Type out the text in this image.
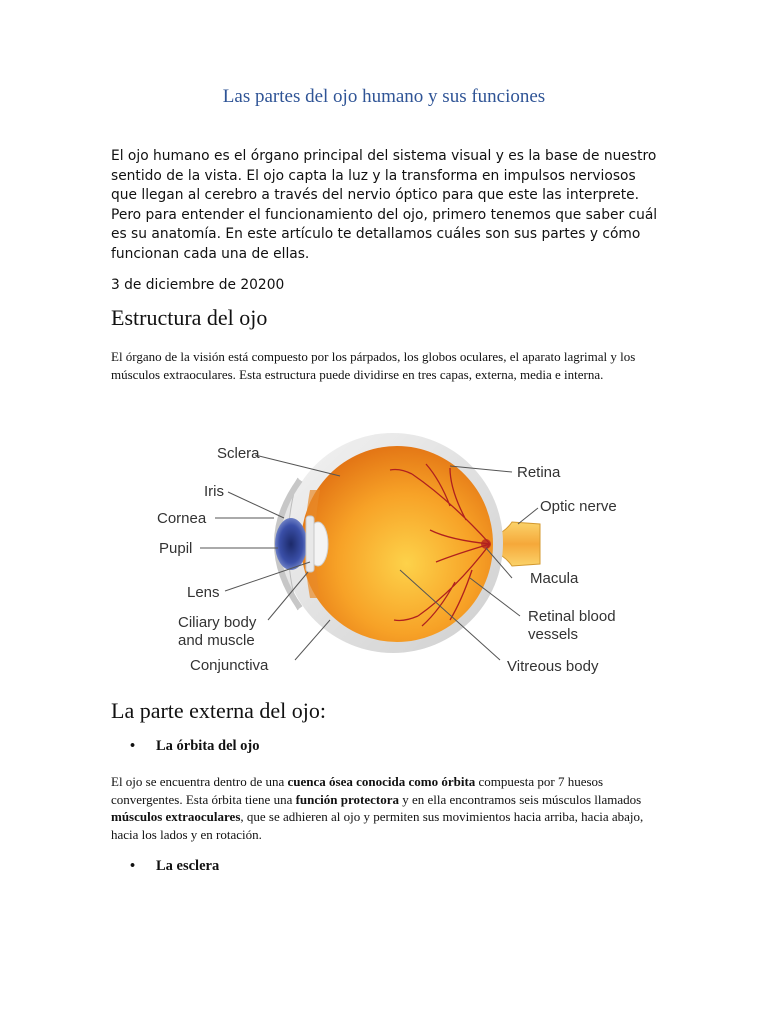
Las partes del ojo humano y sus funciones

El ojo humano es el órgano principal del sistema visual y es la base de nuestro sentido de la vista. El ojo capta la luz y la transforma en impulsos nerviosos que llegan al cerebro a través del nervio óptico para que este las interprete. Pero para entender el funcionamiento del ojo, primero tenemos que saber cuál es su anatomía. En este artículo te detallamos cuáles son sus partes y cómo funcionan cada una de ellas.

3 de diciembre de 20200
Estructura del ojo

El órgano de la visión está compuesto por los párpados, los globos oculares, el aparato lagrimal y los músculos extraoculares. Esta estructura puede dividirse en tres capas, externa, media e interna.

Sclera
Iris
Cornea
Pupil
Lens
Ciliary body
and muscle
Conjunctiva
Retina
Optic nerve
Macula
Retinal blood
vessels
Vitreous body
La parte externa del ojo:
• La órbita del ojo

El ojo se encuentra dentro de una cuenca ósea conocida como órbita compuesta por 7 huesos convergentes. Esta órbita tiene una función protectora y en ella encontramos seis músculos llamados músculos extraoculares, que se adhieren al ojo y permiten sus movimientos hacia arriba, hacia abajo, hacia los lados y en rotación.

• La esclera
